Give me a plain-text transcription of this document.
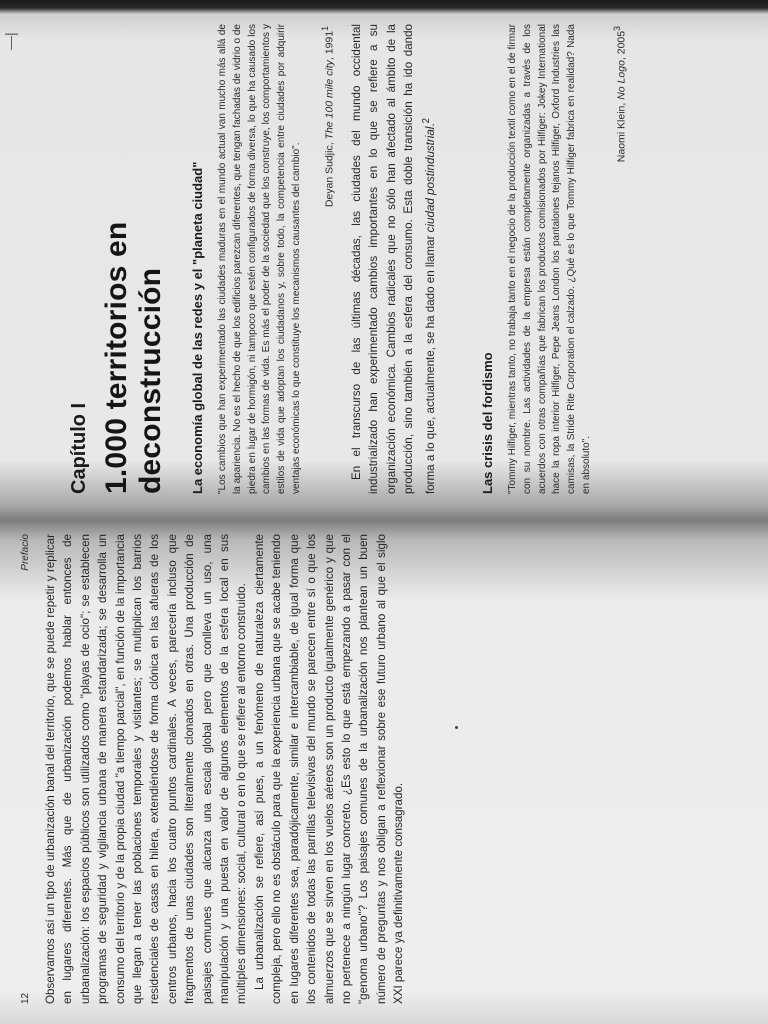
12
Prefacio Observamos así un tipo de urbanización banal del territorio, que se puede repetir y replicar en lugares diferentes. Más que de urbanización podemos hablar entonces de urbanalización: los espacios públicos son utilizados como "playas de ocio"; se establecen programas de seguridad y vigilancia urbana de manera estandarizada; se desarrolla un consumo del territorio y de la propia ciudad "a tiempo parcial", en función de la importancia que llegan a tener las poblaciones temporales y visitantes; se multiplican los barrios residenciales de casas en hilera, extendiéndose de forma clónica en las afueras de los centros urbanos, hacia los cuatro puntos cardinales. A veces, parecería incluso que fragmentos de unas ciudades son literalmente clonados en otras. Una producción de paisajes comunes que alcanza una escala global pero que conlleva un uso, una manipulación y una puesta en valor de algunos elementos de la esfera local en sus múltiples dimensiones: social, cultural o en lo que se refiere al entorno construido. La urbanalización se refiere, así pues, a un fenómeno de naturaleza ciertamente compleja, pero ello no es obstáculo para que la experiencia urbana que se acabe teniendo en lugares diferentes sea, paradójicamente, similar e intercambiable, de igual forma que los contenidos de todas las parrillas televisivas del mundo se parecen entre sí o que los almuerzos que se sirven en los vuelos aéreos son un producto igualmente genérico y que no pertenece a ningún lugar concreto. ¿Es esto lo que está empezando a pasar con el "genoma urbano"? Los paisajes comunes de la urbanalización nos plantean un buen número de preguntas y nos obligan a reflexionar sobre ese futuro urbano al que el siglo XXI parece ya definitivamente consagrado.

Capítulo I 1.000 territorios en deconstrucción La economía global de las redes y el "planeta ciudad" "Los cambios que han experimentado las ciudades maduras en el mundo actual van mucho más allá de la apariencia. No es el hecho de que los edificios parezcan diferentes, que tengan fachadas de vidrio o de piedra en lugar de hormigón, ni tampoco que estén configurados de forma diversa, lo que ha causado los cambios en las formas de vida. Es más el poder de la sociedad que los construye, los comportamientos y estilos de vida que adoptan los ciudadanos y, sobre todo, la competencia entre ciudades por adquirir ventajas económicas lo que constituye los mecanismos causantes del cambio".	Deyan Sudjic, The 100 mile city, 1991$^1$	En el transcurso de las últimas décadas, las ciudades del mundo occidental industrializado han experimentado cambios importantes en lo que se refiere a su organización económica. Cambios radicales que no sólo han afectado al ámbito de la producción, sino también a la esfera del consumo. Esta doble transición ha ido dando forma a lo que, actualmente, se ha dado en llamar ciudad postindustrial.$^2$

Las crisis del fordismo "Tommy Hilfiger, mientras tanto, no trabaja tanto en el negocio de la producción textil como en el de firmar con su nombre. Las actividades de la empresa están completamente organizadas a través de los acuerdos con otras compañías que fabrican los productos comisionados por Hilfiger: Jokey International hace la ropa interior Hilfiger, Pepe Jeans London los pantalones tejanos Hilfiger, Oxford Industries las camisas, la Stride Rite Corporation el calzado. ¿Qué es lo que Tommy Hilfiger fabrica en realidad? Nada en absoluto".
Naomi Klein, No Logo, 2005$^3$
—|
